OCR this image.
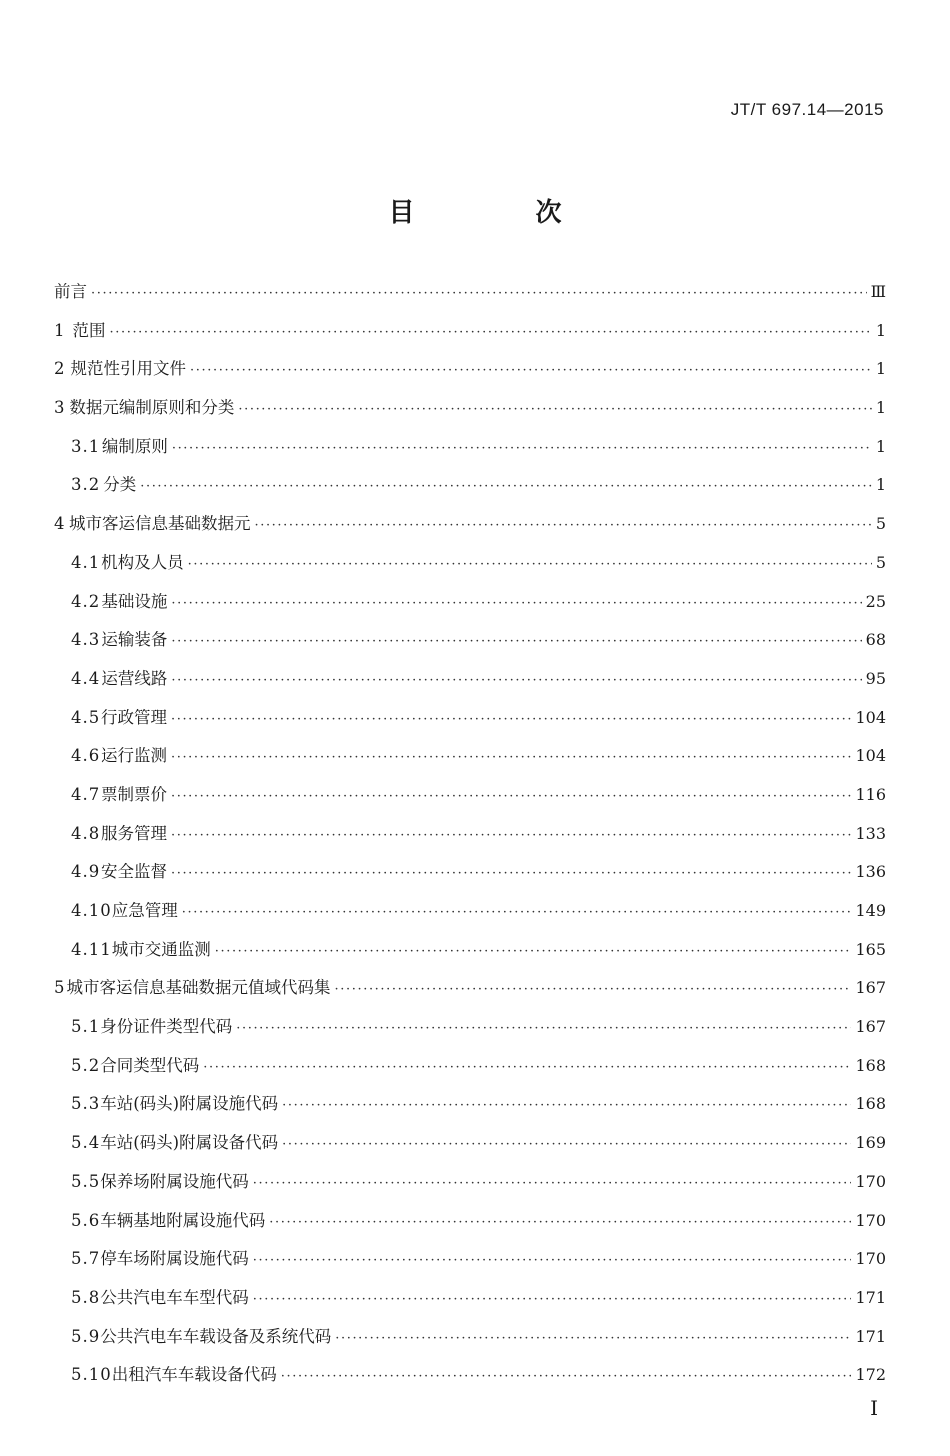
JT/T 697.14—2015
目 次
前言 ·····	Ⅲ
1 范围 ·····	1
2 规范性引用文件 ·····	1
3 数据元编制原则和分类 ·····	1
3.1 编制原则 ·····	1
3.2 分类 ·····	1
4 城市客运信息基础数据元 ·····	5
4.1 机构及人员 ·····	5
4.2 基础设施 ·····	25
4.3 运输装备 ·····	68
4.4 运营线路 ·····	95
4.5 行政管理 ·····	104
4.6 运行监测 ·····	104
4.7 票制票价 ·····	116
4.8 服务管理 ·····	133
4.9 安全监督 ·····	136
4.10 应急管理 ·····	149
4.11 城市交通监测 ·····	165
5 城市客运信息基础数据元值域代码集 ·····	167
5.1 身份证件类型代码 ·····	167
5.2 合同类型代码 ·····	168
5.3 车站(码头)附属设施代码 ·····	168
5.4 车站(码头)附属设备代码 ·····	169
5.5 保养场附属设施代码 ·····	170
5.6 车辆基地附属设施代码 ·····	170
5.7 停车场附属设施代码 ·····	170
5.8 公共汽电车车型代码 ·····	171
5.9 公共汽电车车载设备及系统代码 ·····	171
5.10 出租汽车车载设备代码 ·····	172
I
